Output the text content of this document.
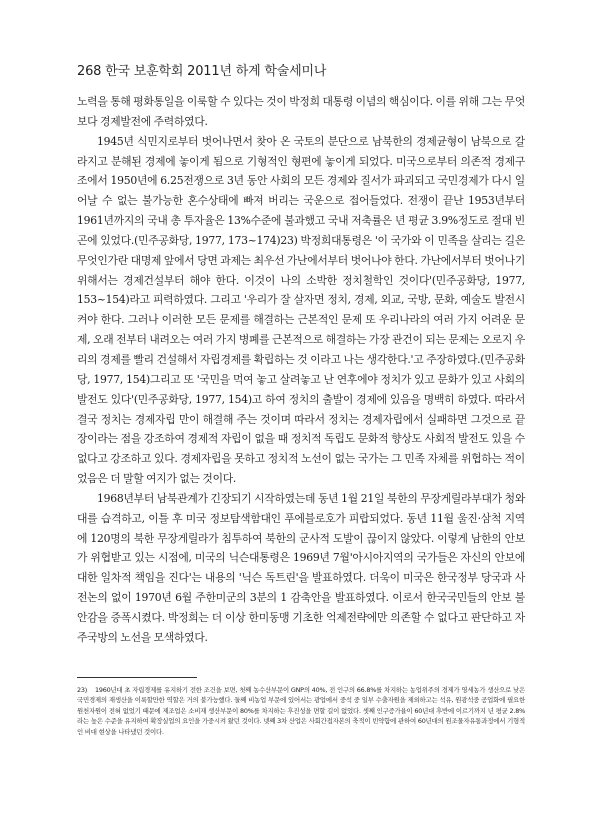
268 한국 보훈학회 2011년 하계 학술세미나

노력을 통해 평화통일을 이룩할 수 있다는 것이 박정희 대통령 이념의 핵심이다. 이를 위해 그는 무엇보다 경제발전에 주력하였다.

1945년 식민지로부터 벗어나면서 찾아 온 국토의 분단으로 남북한의 경제균형이 남북으로 갈라지고 분해된 경제에 놓이게 됨으로 기형적인 형편에 놓이게 되었다. 미국으로부터 의존적 경제구조에서 1950년에 6.25전쟁으로 3년 동안 사회의 모든 경제와 질서가 파괴되고 국민경제가 다시 일어날 수 없는 불가능한 혼수상태에 빠져 버리는 국운으로 접어들었다. 전쟁이 끝난 1953년부터 1961년까지의 국내 총 투자율은 13%수준에 불과했고 국내 저축률은 년 평균 3.9%정도로 절대 빈곤에 있었다.(민주공화당, 1977, 173~174)23) 박정희대통령은 '이 국가와 이 민족을 살리는 길은 무엇인가란 대명제 앞에서 당면 과제는 최우선 가난에서부터 벗어나야 한다. 가난에서부터 벗어나기 위해서는 경제건설부터 해야 한다. 이것이 나의 소박한 정치철학인 것이다'(민주공화당, 1977, 153~154)라고 피력하였다. 그리고 '우리가 잘 살자면 정치, 경제, 외교, 국방, 문화, 예술도 발전시켜야 한다. 그러나 이러한 모든 문제를 해결하는 근본적인 문제 또 우리나라의 여러 가지 어려운 문제, 오래 전부터 내려오는 여러 가지 병폐를 근본적으로 해결하는 가장 관건이 되는 문제는 오로지 우리의 경제를 빨리 건설해서 자립경제를 확립하는 것 이라고 나는 생각한다.'고 주장하였다.(민주공화당, 1977, 154)그리고 또 '국민을 먹여 놓고 살려놓고 난 연후에야 정치가 있고 문화가 있고 사회의 발전도 있다'(민주공화당, 1977, 154)고 하여 정치의 출발이 경제에 있음을 명백히 하였다. 따라서 결국 정치는 경제자립 만이 해결해 주는 것이며 따라서 정치는 경제자립에서 실패하면 그것으로 끝장이라는 점을 강조하여 경제적 자립이 없을 때 정치적 독립도 문화적 향상도 사회적 발전도 있을 수 없다고 강조하고 있다. 경제자립을 못하고 정치적 노선이 없는 국가는 그 민족 자체를 위협하는 적이었음은 더 말할 여지가 없는 것이다.

1968년부터 남북관계가 긴장되기 시작하였는데 동년 1월 21일 북한의 무장게릴라부대가 청와대를 습격하고, 이틀 후 미국 정보탐색함대인 푸에블로호가 피랍되었다. 동년 11월 울진·삼척 지역에 120명의 북한 무장게릴라가 침투하여 북한의 군사적 도발이 끊이지 않았다. 이렇게 남한의 안보가 위협받고 있는 시점에, 미국의 닉슨대통령은 1969년 7월'아시아지역의 국가들은 자신의 안보에 대한 일차적 책임을 진다'는 내용의 '닉슨 독트린'을 발표하였다. 더욱이 미국은 한국정부 당국과 사전논의 없이 1970년 6월 주한미군의 3분의 1 감축안을 발표하였다. 이로서 한국국민들의 안보 불안감을 증폭시켰다. 박정희는 더 이상 한미동맹 기초한 억제전략에만 의존할 수 없다고 판단하고 자주국방의 노선을 모색하였다.

23) 1960년대 초 자립경제를 유지하기 전한 조건을 보면, 첫째 농수산부문이 GNP의 40%, 전 인구의 66.8%를 차지하는 농업위주의 경제가 영세농가 생산으로 낮은 국민경제의 재생산을 이룩할만한 역할은 거의 불가능했다. 둘째 비농업 부문에 있어서는 광업에서 중석 중 일부 수출자원을 제외하고는 석유, 원광석중 공업화에 필요한 원천자원이 전혀 없었기 때문에 제조업은 소비재 생산부문이 80%를 차지하는 후진성을 면할 길이 없었다. 셋째 인구증가율이 60년대 후반에 이르기까지 년 평균 2.8%라는 높은 수준을 유지하여 확장실업의 요인을 가중시켜 왔던 것이다. 넷째 3차 산업은 사회간접자본의 축적이 빈약함에 관하여 60년대의 원조물자유통과정에서 기형적인 비대 현상을 나타냈던 것이다.
